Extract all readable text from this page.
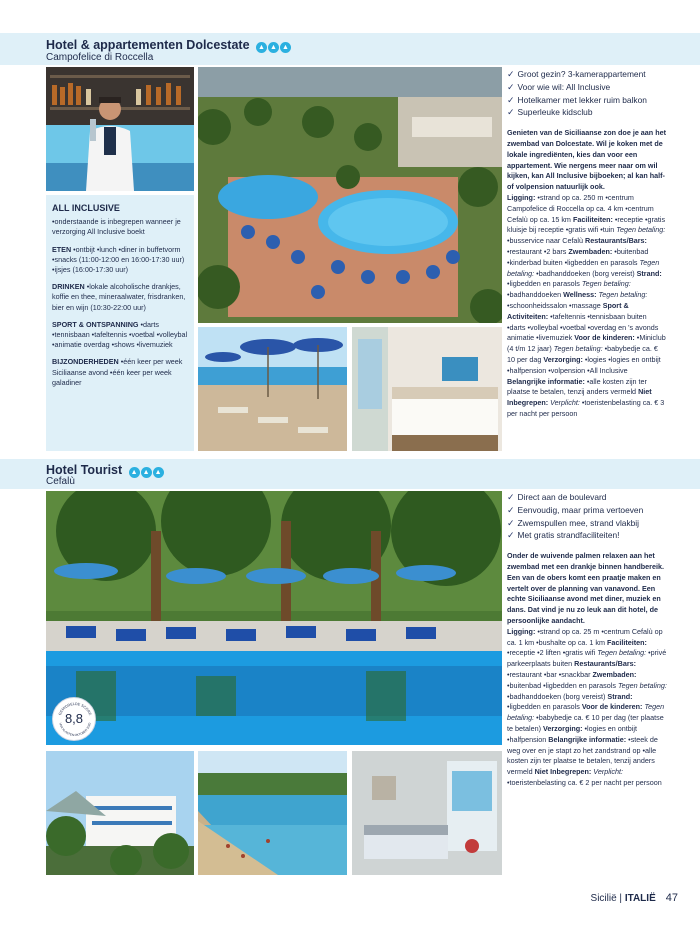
Hotel & appartementen Dolcestate ▲ ▲ ▲
Campofelice di Roccella
ALL INCLUSIVE

•onderstaande is inbegrepen wanneer je verzorging All Inclusive boekt

ETEN •ontbijt •lunch •diner in buffetvorm •snacks (11:00-12:00 en 16:00-17:30 uur) •ijsjes (16:00-17:30 uur)

DRINKEN •lokale alcoholische drankjes, koffie en thee, mineraalwater, frisdranken, bier en wijn (10:30-22:00 uur)

SPORT & ONTSPANNING •darts •tennisbaan •tafeltennis •voetbal •volleybal •animatie overdag •shows •livemuziek

BIJZONDERHEDEN •één keer per week Siciliaanse avond •één keer per week galadiner

✓ Groot gezin? 3-kamerappartement
✓ Voor wie wil: All Inclusive
✓ Hotelkamer met lekker ruim balkon
✓ Superleuke kidsclub

Genieten van de Siciliaanse zon doe je aan het zwembad van Dolcestate. Wil je koken met de lokale ingrediënten, kies dan voor een appartement. Wie nergens meer naar om wil kijken, kan All Inclusive bijboeken; al kan half- of volpension natuurlijk ook.

Ligging: •strand op ca. 250 m •centrum Campofelice di Roccella op ca. 4 km •centrum Cefalù op ca. 15 km Faciliteiten: •receptie •gratis kluisje bij receptie •gratis wifi •tuin Tegen betaling: •busservice naar Cefalù Restaurants/Bars: •restaurant •2 bars Zwembaden: •buitenbad •kinderbad buiten •ligbedden en parasols Tegen betaling: •badhanddoeken (borg vereist) Strand: •ligbedden en parasols Tegen betaling: •badhanddoeken Wellness: Tegen betaling: •schoonheidssalon •massage Sport & Activiteiten: •tafeltennis •tennisbaan buiten •darts •volleybal •voetbal •overdag en 's avonds animatie •livemuziek Voor de kinderen: •Miniclub (4 t/m 12 jaar) Tegen betaling: •babybedje ca. € 10 per dag Verzorging: •logies •logies en ontbijt •halfpension •volpension •All Inclusive Belangrijke informatie: •alle kosten zijn ter plaatse te betalen, tenzij anders vermeld Niet Inbegrepen: Verplicht: •toeristenbelasting ca. € 3 per nacht per persoon

Hotel Tourist ▲ ▲ ▲
Cefalù
GEMIDDELDE SCORE
VAN KLANTEN OKTOBER 2020
8,8
✓ Direct aan de boulevard
✓ Eenvoudig, maar prima vertoeven
✓ Zwemspullen mee, strand vlakbij
✓ Met gratis strandfaciliteiten!

Onder de wuivende palmen relaxen aan het zwembad met een drankje binnen handbereik. Een van de obers komt een praatje maken en vertelt over de planning van vanavond. Een echte Siciliaanse avond met diner, muziek en dans. Dat vind je nu zo leuk aan dit hotel, de persoonlijke aandacht.

Ligging: •strand op ca. 25 m •centrum Cefalù op ca. 1 km •bushalte op ca. 1 km Faciliteiten: •receptie •2 liften •gratis wifi Tegen betaling: •privé parkeerplaats buiten Restaurants/Bars: •restaurant •bar •snackbar Zwembaden: •buitenbad •ligbedden en parasols Tegen betaling: •badhanddoeken (borg vereist) Strand: •ligbedden en parasols Voor de kinderen: Tegen betaling: •babybedje ca. € 10 per dag (ter plaatse te betalen) Verzorging: •logies en ontbijt •halfpension Belangrijke informatie: •steek de weg over en je stapt zo het zandstrand op •alle kosten zijn ter plaatse te betalen, tenzij anders vermeld Niet Inbegrepen: Verplicht: •toeristenbelasting ca. € 2 per nacht per persoon

Sicilië | ITALIË 47
